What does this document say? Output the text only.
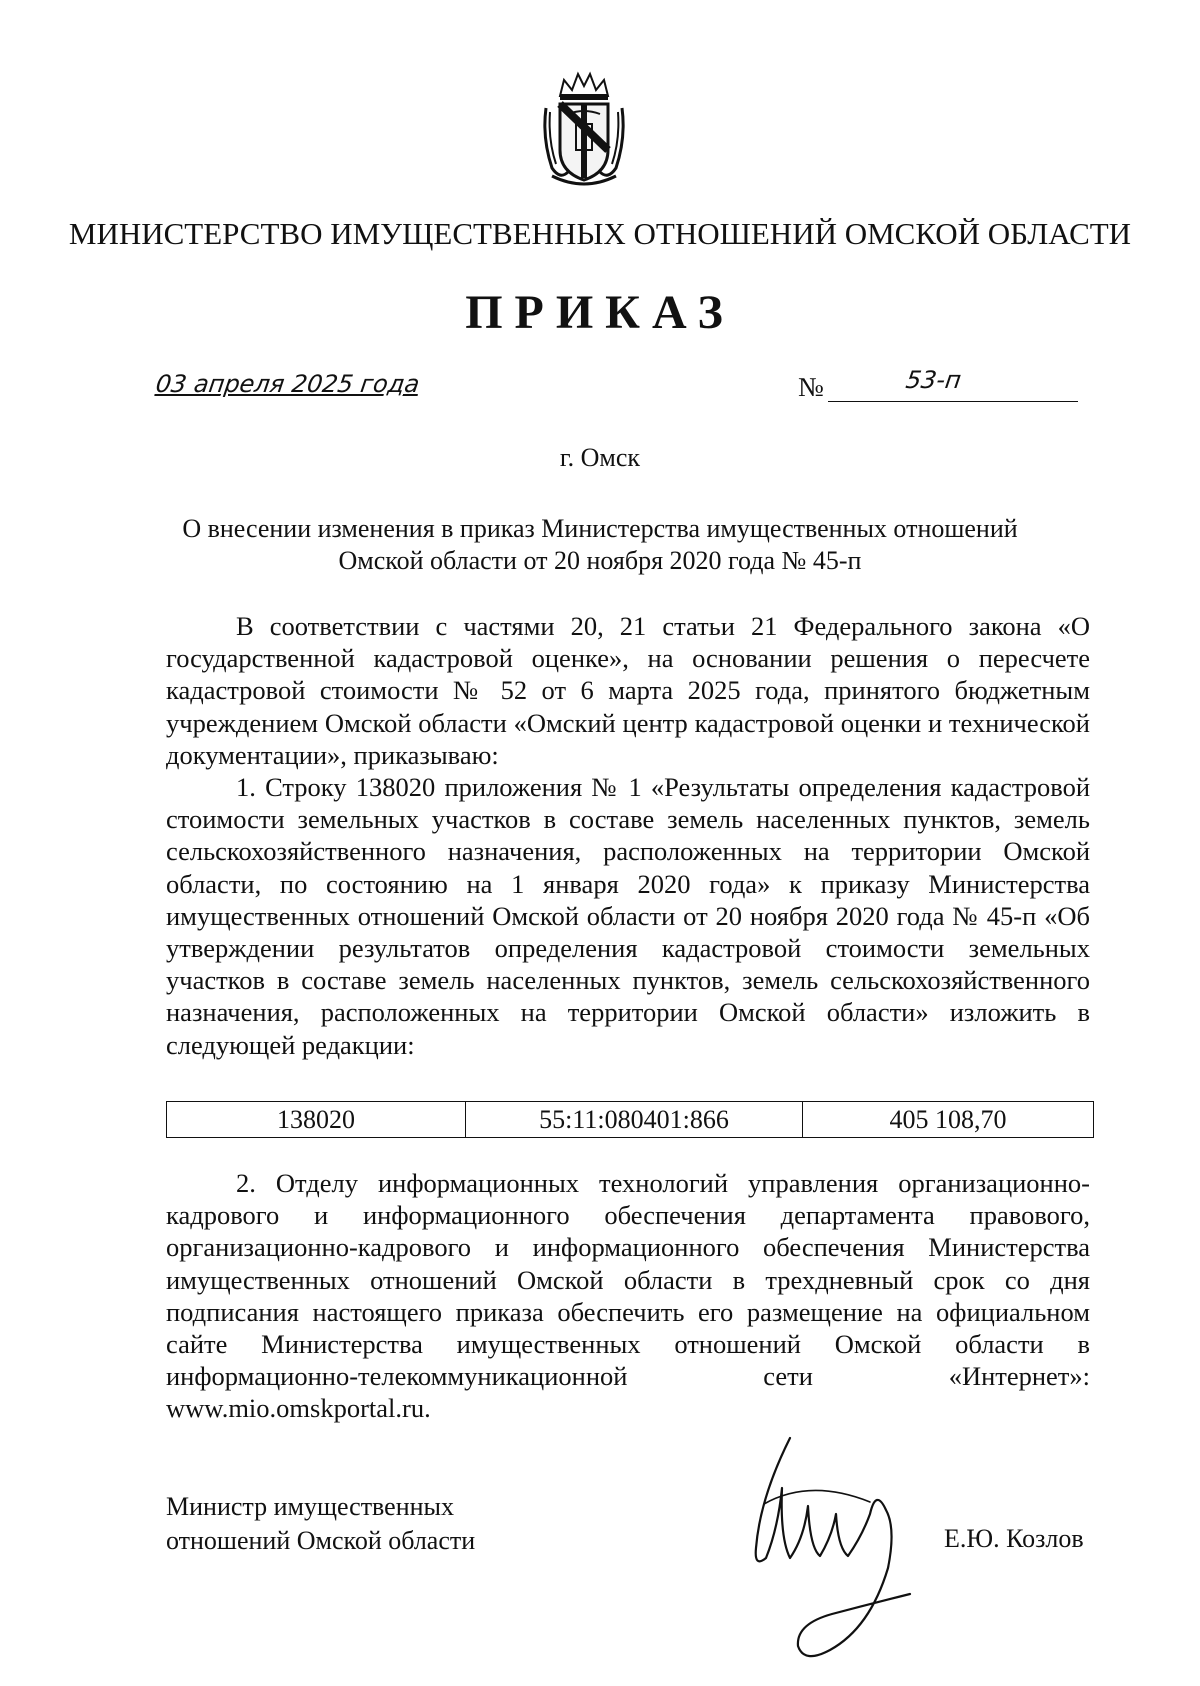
МИНИСТЕРСТВО ИМУЩЕСТВЕННЫХ ОТНОШЕНИЙ ОМСКОЙ ОБЛАСТИ
ПРИКАЗ
03 апреля 2025 года	№	53-п
г. Омск
О внесении изменения в приказ Министерства имущественных отношений
Омской области от 20 ноября 2020 года № 45-п

В соответствии с частями 20, 21 статьи 21 Федерального закона «О государственной кадастровой оценке», на основании решения о пересчете кадастровой стоимости № 52 от 6 марта 2025 года, принятого бюджетным учреждением Омской области «Омский центр кадастровой оценки и технической документации», приказываю:

1. Строку 138020 приложения № 1 «Результаты определения кадастровой стоимости земельных участков в составе земель населенных пунктов, земель сельскохозяйственного назначения, расположенных на территории Омской области, по состоянию на 1 января 2020 года» к приказу Министерства имущественных отношений Омской области от 20 ноября 2020 года № 45-п «Об утверждении результатов определения кадастровой стоимости земельных участков в составе земель населенных пунктов, земель сельскохозяйственного назначения, расположенных на территории Омской области» изложить в следующей редакции:

138020	55:11:080401:866	405 108,70

2. Отделу информационных технологий управления организационно-кадрового и информационного обеспечения департамента правового, организационно-кадрового и информационного обеспечения Министерства имущественных отношений Омской области в трехдневный срок со дня подписания настоящего приказа обеспечить его размещение на официальном сайте Министерства имущественных отношений Омской области в информационно-телекоммуникационной сети «Интернет»: www.mio.omskportal.ru.

Министр имущественных
отношений Омской области	Е.Ю. Козлов
